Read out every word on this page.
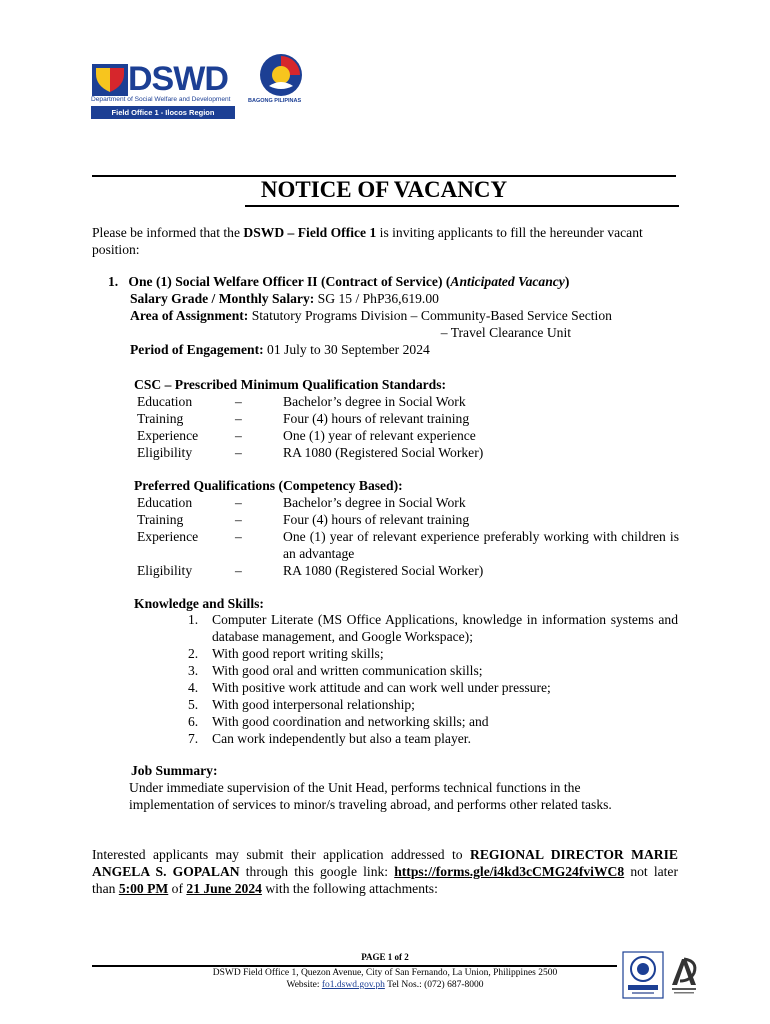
DSWD
Department of Social Welfare and Development
Field Office 1 - Ilocos Region
BAGONG PILIPINAS
NOTICE OF VACANCY
Please be informed that the DSWD – Field Office 1 is inviting applicants to fill the hereunder vacant position:
1. One (1) Social Welfare Officer II (Contract of Service) (Anticipated Vacancy)
Salary Grade / Monthly Salary: SG 15 / PhP36,619.00
Area of Assignment: Statutory Programs Division – Community-Based Service Section
– Travel Clearance Unit
Period of Engagement: 01 July to 30 September 2024
CSC – Prescribed Minimum Qualification Standards:
Education	–	Bachelor’s degree in Social Work
Training	–	Four (4) hours of relevant training
Experience	–	One (1) year of relevant experience
Eligibility	–	RA 1080 (Registered Social Worker)
Preferred Qualifications (Competency Based):
Education	–	Bachelor’s degree in Social Work
Training	–	Four (4) hours of relevant training
Experience	–	One (1) year of relevant experience preferably working with children is an advantage
Eligibility	–	RA 1080 (Registered Social Worker)
Knowledge and Skills:
1.	Computer Literate (MS Office Applications, knowledge in information systems and database management, and Google Workspace);
2.	With good report writing skills;
3.	With good oral and written communication skills;
4.	With positive work attitude and can work well under pressure;
5.	With good interpersonal relationship;
6.	With good coordination and networking skills; and
7.	Can work independently but also a team player.
Job Summary:
Under immediate supervision of the Unit Head, performs technical functions in the implementation of services to minor/s traveling abroad, and performs other related tasks.
Interested applicants may submit their application addressed to REGIONAL DIRECTOR MARIE ANGELA S. GOPALAN through this google link: https://forms.gle/i4kd3cCMG24fviWC8 not later than 5:00 PM of 21 June 2024 with the following attachments:
PAGE 1 of 2
DSWD Field Office 1, Quezon Avenue, City of San Fernando, La Union, Philippines 2500
Website: fo1.dswd.gov.ph Tel Nos.: (072) 687-8000
